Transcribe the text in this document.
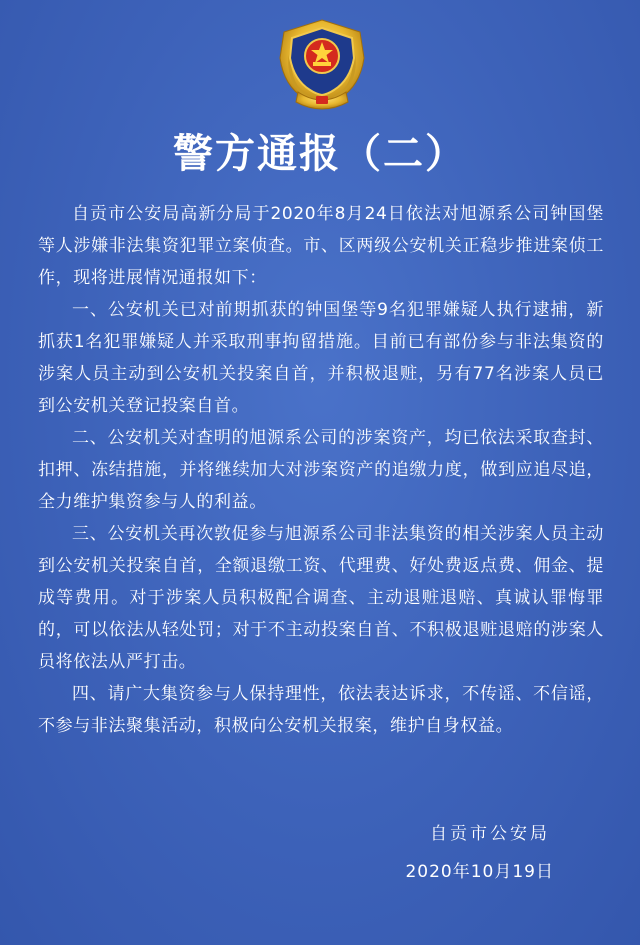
警方通报（二）

自贡市公安局高新分局于2020年8月24日依法对旭源系公司钟国堡等人涉嫌非法集资犯罪立案侦查。市、区两级公安机关正稳步推进案侦工作，现将进展情况通报如下：

一、公安机关已对前期抓获的钟国堡等9名犯罪嫌疑人执行逮捕，新抓获1名犯罪嫌疑人并采取刑事拘留措施。目前已有部份参与非法集资的涉案人员主动到公安机关投案自首，并积极退赃，另有77名涉案人员已到公安机关登记投案自首。

二、公安机关对查明的旭源系公司的涉案资产，均已依法采取查封、扣押、冻结措施，并将继续加大对涉案资产的追缴力度，做到应追尽追，全力维护集资参与人的利益。

三、公安机关再次敦促参与旭源系公司非法集资的相关涉案人员主动到公安机关投案自首，全额退缴工资、代理费、好处费返点费、佣金、提成等费用。对于涉案人员积极配合调查、主动退赃退赔、真诚认罪悔罪的，可以依法从轻处罚；对于不主动投案自首、不积极退赃退赔的涉案人员将依法从严打击。

四、请广大集资参与人保持理性，依法表达诉求，不传谣、不信谣，不参与非法聚集活动，积极向公安机关报案，维护自身权益。

自贡市公安局
2020年10月19日
